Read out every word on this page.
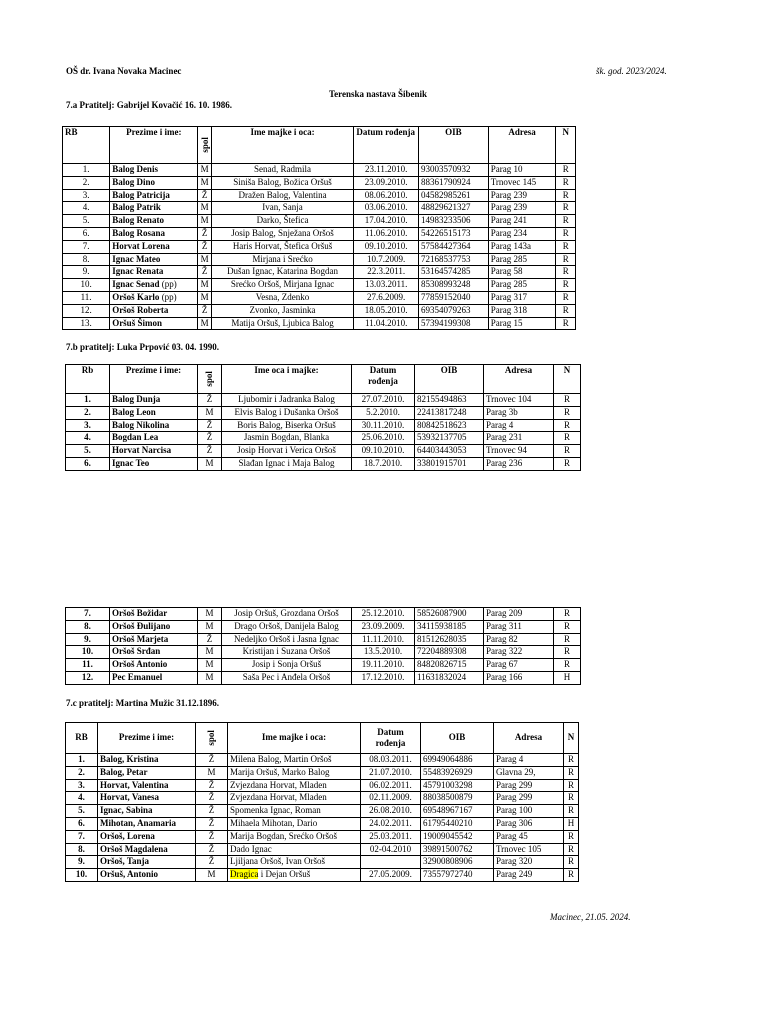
OŠ dr. Ivana Novaka Macinec	šk. god. 2023/2024.
Terenska nastava Šibenik
7.a Pratitelj: Gabrijel Kovačić 16. 10. 1986.
RB	Prezime i ime:	spol	Ime majke i oca:	Datum rođenja	OIB	Adresa	N
1.	Balog Denis	M	Senad, Radmila	23.11.2010.	93003570932	Parag 10	R
2.	Balog Dino	M	Siniša Balog, Božica Oršuš	23.09.2010.	88361790924	Trnovec 145	R
3.	Balog Patricija	Ž	Dražen Balog, Valentina	08.06.2010.	04582985261	Parag 239	R
4.	Balog Patrik	M	Ivan, Sanja	03.06.2010.	48829621327	Parag 239	R
5.	Balog Renato	M	Darko, Štefica	17.04.2010.	14983233506	Parag 241	R
6.	Balog Rosana	Ž	Josip Balog, Snježana Oršoš	11.06.2010.	54226515173	Parag 234	R
7.	Horvat Lorena	Ž	Haris Horvat, Štefica Oršuš	09.10.2010.	57584427364	Parag 143a	R
8.	Ignac Mateo	M	Mirjana i Srećko	10.7.2009.	72168537753	Parag 285	R
9.	Ignac Renata	Ž	Dušan Ignac, Katarina Bogdan	22.3.2011.	53164574285	Parag 58	R
10.	Ignac Senad (pp)	M	Srećko Oršoš, Mirjana Ignac	13.03.2011.	85308993248	Parag 285	R
11.	Oršoš Karlo (pp)	M	Vesna, Zdenko	27.6.2009.	77859152040	Parag 317	R
12.	Oršoš Roberta	Ž	Zvonko, Jasminka	18.05.2010.	69354079263	Parag 318	R
13.	Oršuš Šimon	M	Matija Oršuš, Ljubica Balog	11.04.2010.	57394199308	Parag 15	R
7.b pratitelj: Luka Prpović 03. 04. 1990.
Rb	Prezime i ime:	spol	Ime oca i majke:	Datum rođenja	OIB	Adresa	N
1.	Balog Dunja	Ž	Ljubomir i Jadranka Balog	27.07.2010.	82155494863	Trnovec 104	R
2.	Balog Leon	M	Elvis Balog i Dušanka Oršoš	5.2.2010.	22413817248	Parag 3b	R
3.	Balog Nikolina	Ž	Boris Balog, Biserka Oršuš	30.11.2010.	80842518623	Parag 4	R
4.	Bogdan Lea	Ž	Jasmin Bogdan, Blanka	25.06.2010.	53932137705	Parag 231	R
5.	Horvat Narcisa	Ž	Josip Horvat i Verica Oršoš	09.10.2010.	64403443053	Trnovec 94	R
6.	Ignac Teo	M	Slađan Ignac i Maja Balog	18.7.2010.	33801915701	Parag 236	R
7.	Oršoš Božidar	M	Josip Oršuš, Grozdana Oršoš	25.12.2010.	58526087900	Parag 209	R
8.	Oršoš Đulijano	M	Drago Oršoš, Danijela Balog	23.09.2009.	34115938185	Parag 311	R
9.	Oršoš Marjeta	Ž	Nedeljko Oršoš i Jasna Ignac	11.11.2010.	81512628035	Parag 82	R
10.	Oršoš Srđan	M	Kristijan i Suzana Oršoš	13.5.2010.	72204889308	Parag 322	R
11.	Oršoš Antonio	M	Josip i Sonja Oršuš	19.11.2010.	84820826715	Parag 67	R
12.	Pec Emanuel	M	Saša Pec i Anđela Oršoš	17.12.2010.	11631832024	Parag 166	H
7.c pratitelj: Martina Mužic 31.12.1896.
RB	Prezime i ime:	spol	Ime majke i oca:	Datum rođenja	OIB	Adresa	N
1.	Balog, Kristina	Ž	Milena Balog, Martin Oršoš	08.03.2011.	69949064886	Parag 4	R
2.	Balog, Petar	M	Marija Oršuš, Marko Balog	21.07.2010.	55483926929	Glavna 29,	R
3.	Horvat, Valentina	Ž	Zvjezdana Horvat, Mladen	06.02.2011.	45791003298	Parag 299	R
4.	Horvat, Vanesa	Ž	Zvjezdana Horvat, Mladen	02.11.2009.	88038500879	Parag 299	R
5.	Ignac, Sabina	Ž	Spomenka Ignac, Roman	26.08.2010.	69548967167	Parag 100	R
6.	Mihotan, Anamaria	Ž	Mihaela Mihotan, Dario	24.02.2011.	61795440210	Parag 306	H
7.	Oršoš, Lorena	Ž	Marija Bogdan, Srećko Oršoš	25.03.2011.	19009045542	Parag 45	R
8.	Oršoš Magdalena	Ž	Dado Ignac	02-04.2010	39891500762	Trnovec 105	R
9.	Oršoš, Tanja	Ž	Ljiljana Oršoš, Ivan Oršoš		32900808906	Parag 320	R
10.	Oršuš, Antonio	M	Dragica i Dejan Oršuš	27.05.2009.	73557972740	Parag 249	R
Macinec, 21.05. 2024.
